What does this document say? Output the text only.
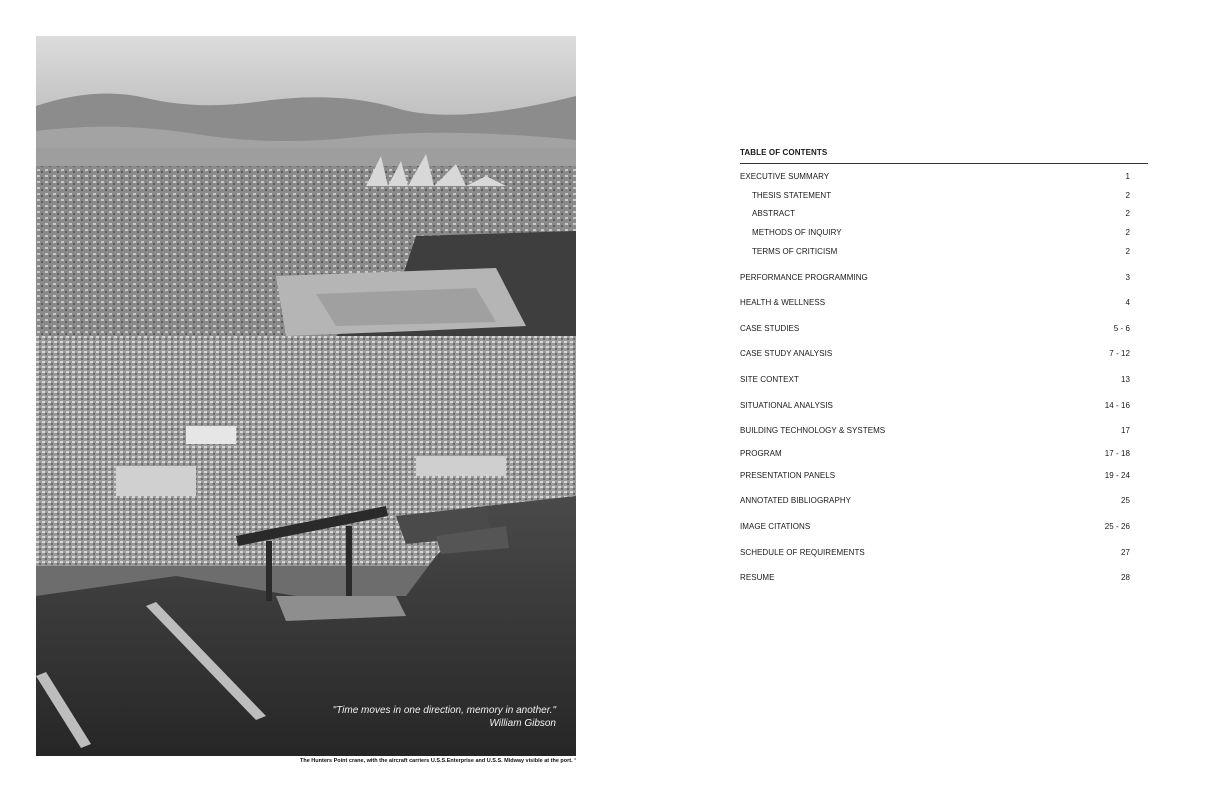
"Time moves in one direction, memory in another."
William Gibson
The Hunters Point crane, with the aircraft carriers U.S.S.Enterprise and U.S.S. Midway visible at the port. ¹
TABLE OF CONTENTS
EXECUTIVE SUMMARY	1
THESIS STATEMENT	2
ABSTRACT	2
METHODS OF INQUIRY	2
TERMS OF CRITICISM	2
PERFORMANCE PROGRAMMING	3
HEALTH & WELLNESS	4
CASE STUDIES	5 - 6
CASE STUDY ANALYSIS	7 - 12
SITE CONTEXT	13
SITUATIONAL ANALYSIS	14 - 16
BUILDING TECHNOLOGY & SYSTEMS	17
PROGRAM	17 - 18
PRESENTATION PANELS	19 - 24
ANNOTATED BIBLIOGRAPHY	25
IMAGE CITATIONS	25 - 26
SCHEDULE OF REQUIREMENTS	27
RESUME	28
